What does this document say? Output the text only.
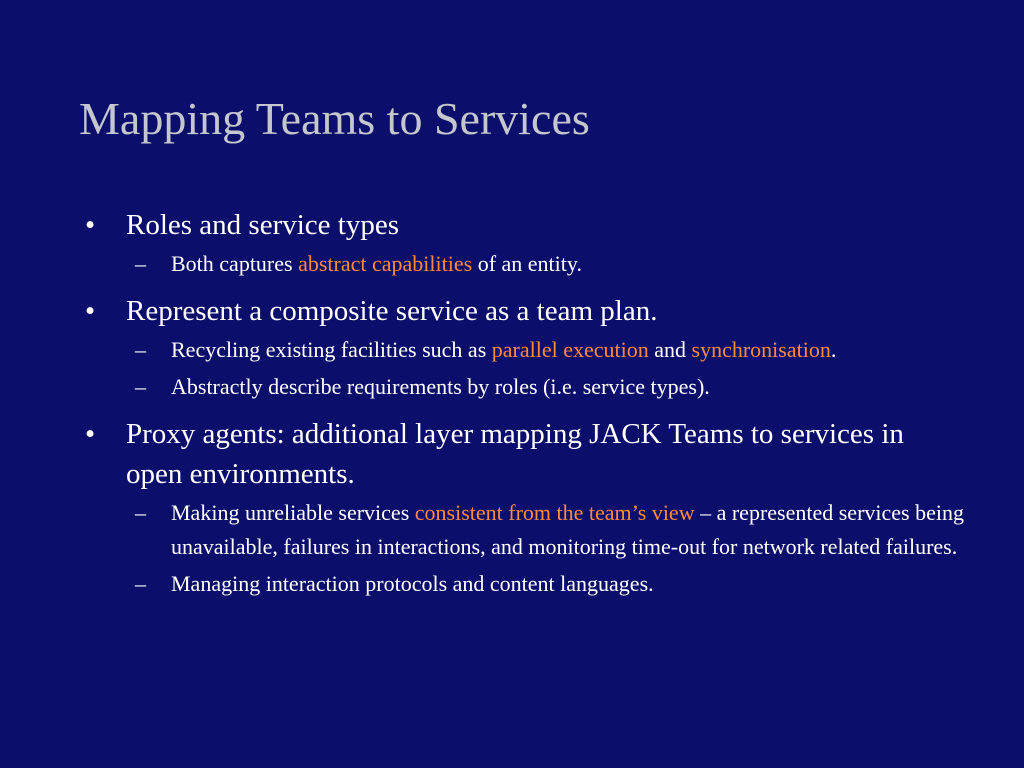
Mapping Teams to Services
•	Roles and service types
–	Both captures abstract capabilities of an entity.
•	Represent a composite service as a team plan.
–	Recycling existing facilities such as parallel execution and synchronisation.
–	Abstractly describe requirements by roles (i.e. service types).
•	Proxy agents: additional layer mapping JACK Teams to services in open environments.
–	Making unreliable services consistent from the team’s view – a represented services being unavailable, failures in interactions, and monitoring time-out for network related failures.
–	Managing interaction protocols and content languages.
